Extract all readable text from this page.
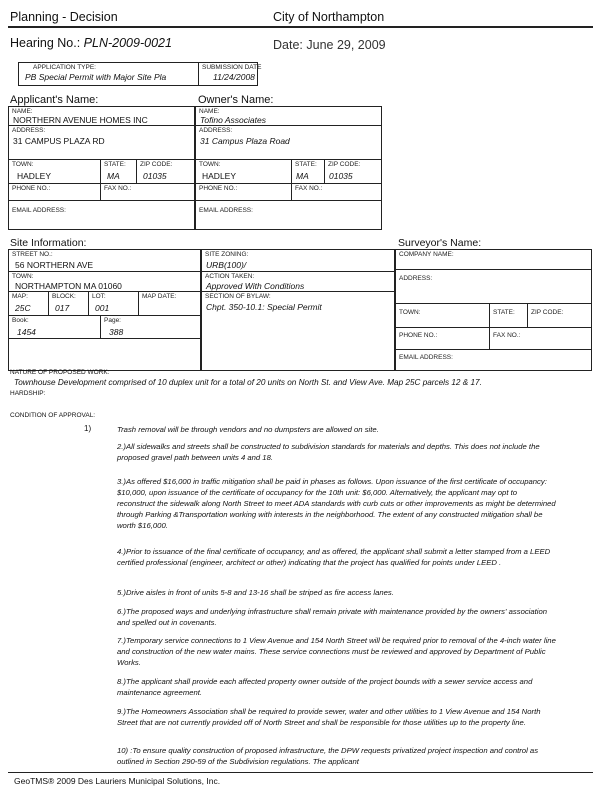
Planning - Decision	City of Northampton
Hearing No.: PLN-2009-0021	Date: June 29, 2009
APPLICATION TYPE:
PB Special Permit with Major Site Pla
SUBMISSION DATE
11/24/2008
Applicant's Name:	Owner's Name:
NAME:
NORTHERN AVENUE HOMES INC
ADDRESS:
31 CAMPUS PLAZA RD
TOWN:
HADLEY
STATE:
MA
ZIP CODE:
01035
PHONE NO.:	FAX NO.:
EMAIL ADDRESS:
NAME:
Tofino Associates
ADDRESS:
31 Campus Plaza Road
TOWN:
HADLEY
STATE:
MA
ZIP CODE:
01035
PHONE NO.:	FAX NO.:
EMAIL ADDRESS:
Site Information:	Surveyor's Name:
STREET NO.:
56 NORTHERN AVE
TOWN:
NORTHAMPTON MA 01060
MAP:
25C
BLOCK:
017
LOT:
001
MAP DATE:
Book:
1454
Page:
388
SITE ZONING:
URB(100)/
ACTION TAKEN:
Approved With Conditions
SECTION OF BYLAW:
Chpt. 350-10.1: Special Permit
COMPANY NAME:
ADDRESS:
TOWN:	STATE: ZIP CODE:
PHONE NO.:	FAX NO.:
EMAIL ADDRESS:
NATURE OF PROPOSED WORK:
Townhouse Development comprised of 10 duplex unit for a total of 20 units on North St. and View Ave. Map 25C parcels 12 & 17.
HARDSHIP:
CONDITION OF APPROVAL:
1)	Trash removal will be through vendors and no dumpsters are allowed on site.
2.)All sidewalks and streets shall be constructed to subdivision standards for materials and depths. This does not include the proposed gravel path between units 4 and 18.
3.)As offered $16,000 in traffic mitigation shall be paid in phases as follows. Upon issuance of the first certificate of occupancy: $10,000, upon issuance of the certificate of occupancy for the 10th unit: $6,000. Alternatively, the applicant may opt to reconstruct the sidewalk along North Street to meet ADA standards with curb cuts or other improvements as might be determined through Parking &Transportation working with interests in the neighborhood. The extent of any constructed mitigation shall be worth $16,000.
4.)Prior to issuance of the final certificate of occupancy, and as offered, the applicant shall submit a letter stamped from a LEED certified professional (engineer, architect or other) indicating that the project has qualified for points under LEED .
5.)Drive aisles in front of units 5-8 and 13-16 shall be striped as fire access lanes.
6.)The proposed ways and underlying infrastructure shall remain private with maintenance provided by the owners' association and spelled out in covenants.
7.)Temporary service connections to 1 View Avenue and 154 North Street will be required prior to removal of the 4-inch water line and construction of the new water mains. These service connections must be reviewed and approved by Department of Public Works.
8.)The applicant shall provide each affected property owner outside of the project bounds with a sewer service access and maintenance agreement.
9.)The Homeowners Association shall be required to provide sewer, water and other utilities to 1 View Avenue and 154 North Street that are not currently provided off of North Street and shall be responsible for those utilities up to the property line.
10) :To ensure quality construction of proposed infrastructure, the DPW requests privatized project inspection and control as outlined in Section 290-59 of the Subdivision regulations. The applicant
GeoTMS® 2009 Des Lauriers Municipal Solutions, Inc.
